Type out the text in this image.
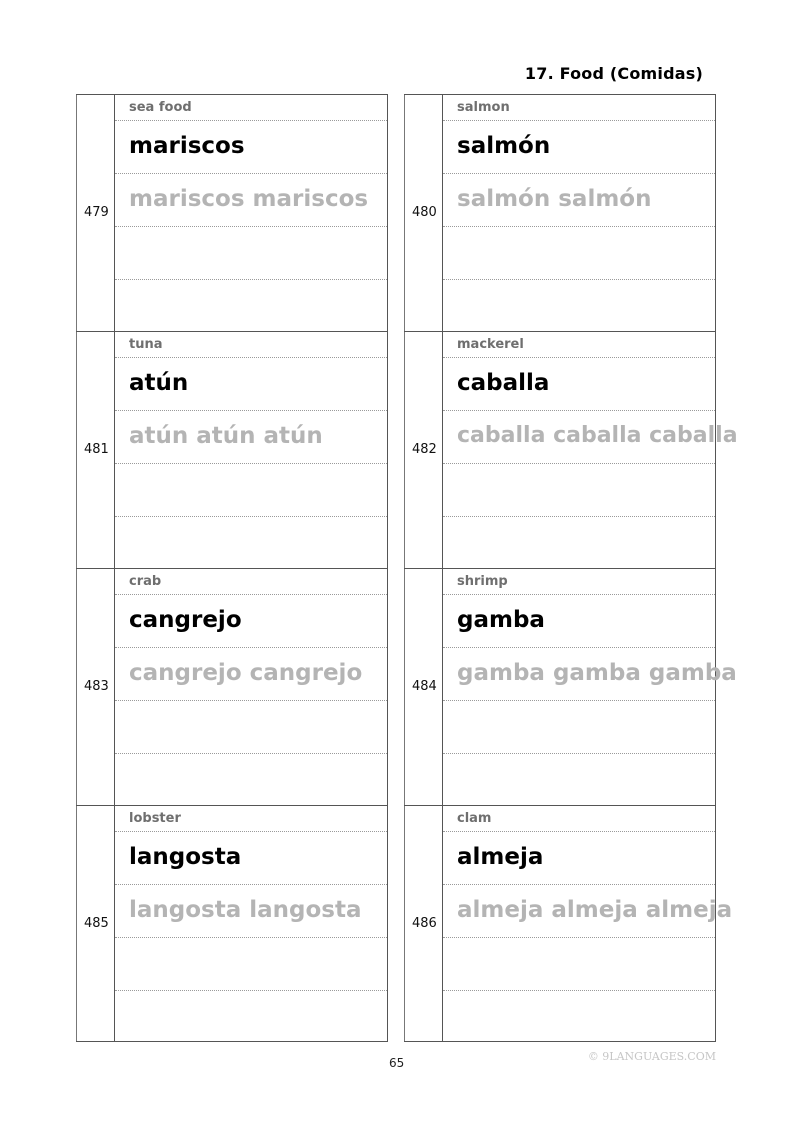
17. Food (Comidas)
479
sea food
mariscos
mariscos mariscos
480
salmon
salmón
salmón salmón
481
tuna
atún
atún atún atún
482
mackerel
caballa
caballa caballa caballa
483
crab
cangrejo
cangrejo cangrejo
484
shrimp
gamba
gamba gamba gamba
485
lobster
langosta
langosta langosta
486
clam
almeja
almeja almeja almeja
65	© 9LANGUAGES.COM
